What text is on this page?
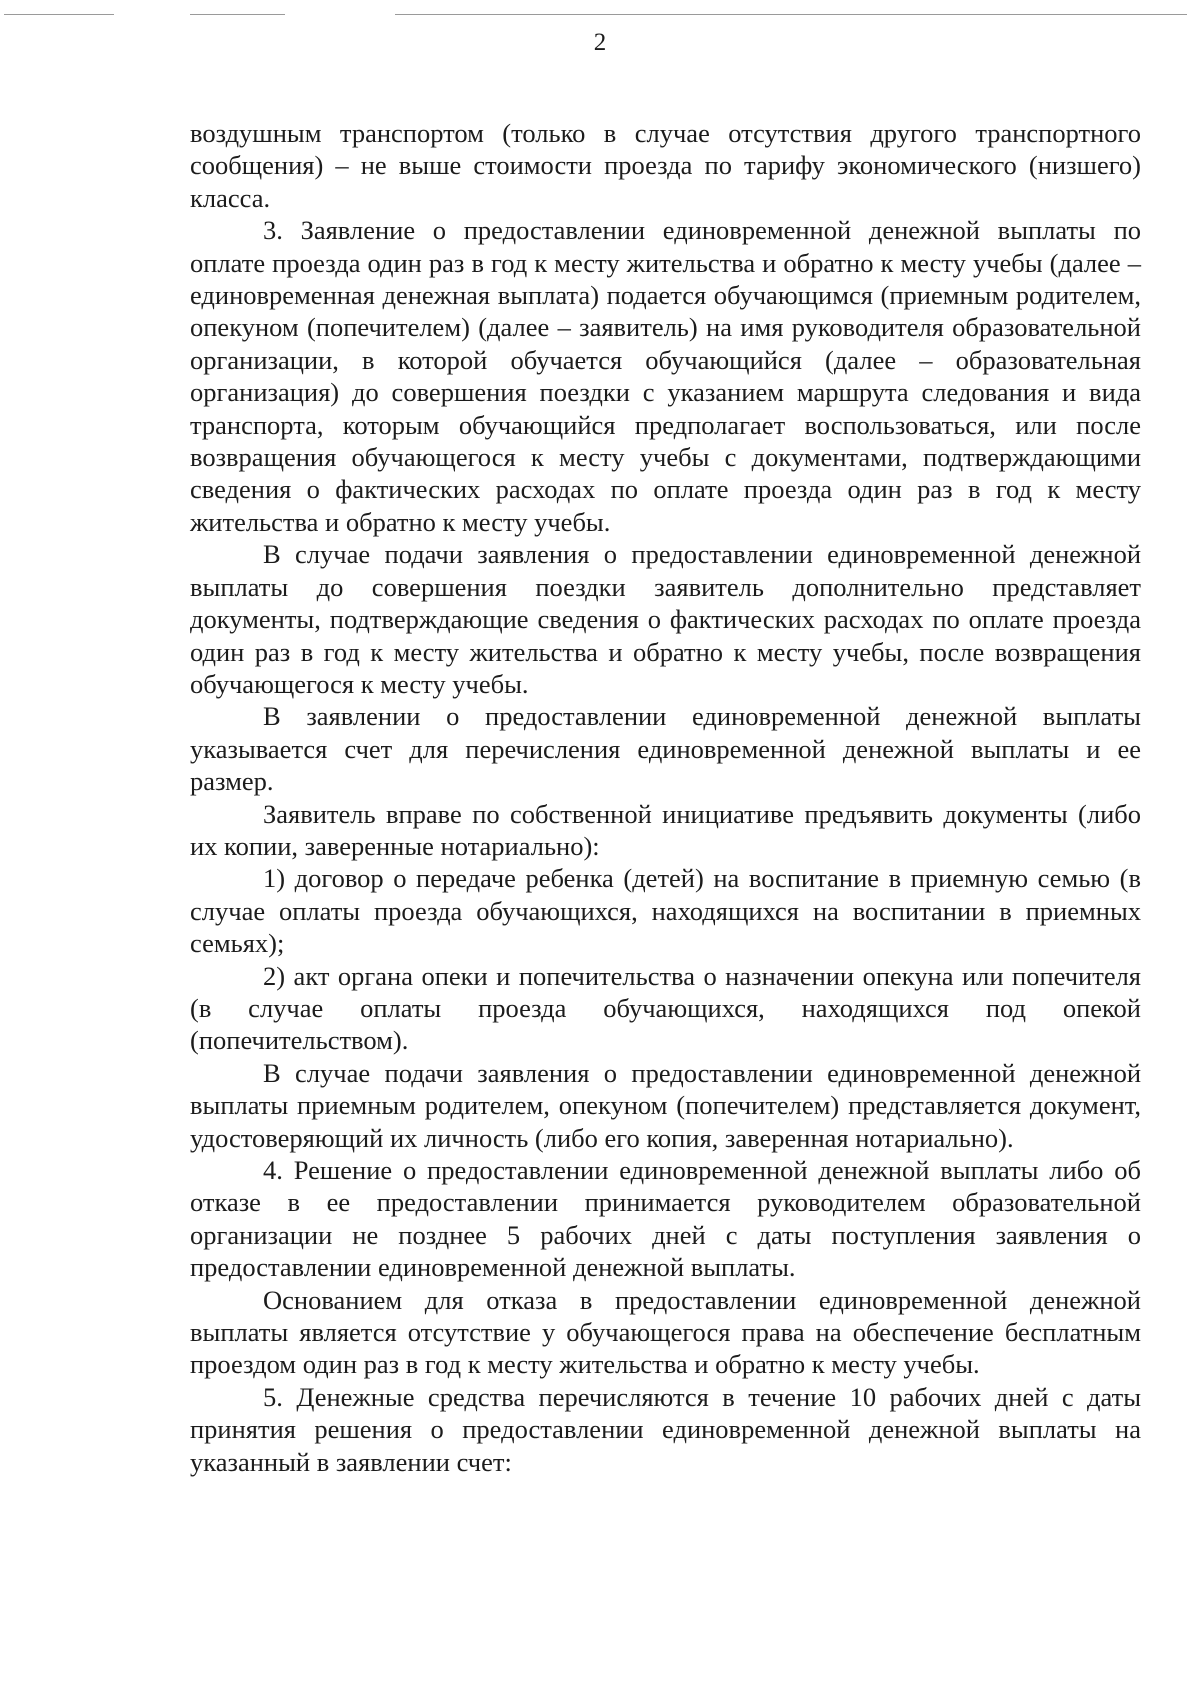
2

воздушным транспортом (только в случае отсутствия другого транспортного сообщения) – не выше стоимости проезда по тарифу экономического (низшего) класса.

3. Заявление о предоставлении единовременной денежной выплаты по оплате проезда один раз в год к месту жительства и обратно к месту учебы (далее – единовременная денежная выплата) подается обучающимся (приемным родителем, опекуном (попечителем) (далее – заявитель) на имя руководителя образовательной организации, в которой обучается обучающийся (далее – образовательная организация) до совершения поездки с указанием маршрута следования и вида транспорта, которым обучающийся предполагает воспользоваться, или после возвращения обучающегося к месту учебы с документами, подтверждающими сведения о фактических расходах по оплате проезда один раз в год к месту жительства и обратно к месту учебы.

В случае подачи заявления о предоставлении единовременной денежной выплаты до совершения поездки заявитель дополнительно представляет документы, подтверждающие сведения о фактических расходах по оплате проезда один раз в год к месту жительства и обратно к месту учебы, после возвращения обучающегося к месту учебы.

В заявлении о предоставлении единовременной денежной выплаты указывается счет для перечисления единовременной денежной выплаты и ее размер.

Заявитель вправе по собственной инициативе предъявить документы (либо их копии, заверенные нотариально):

1) договор о передаче ребенка (детей) на воспитание в приемную семью (в случае оплаты проезда обучающихся, находящихся на воспитании в приемных семьях);

2) акт органа опеки и попечительства о назначении опекуна или попечителя (в случае оплаты проезда обучающихся, находящихся под опекой (попечительством).

В случае подачи заявления о предоставлении единовременной денежной выплаты приемным родителем, опекуном (попечителем) представляется документ, удостоверяющий их личность (либо его копия, заверенная нотариально).

4. Решение о предоставлении единовременной денежной выплаты либо об отказе в ее предоставлении принимается руководителем образовательной организации не позднее 5 рабочих дней с даты поступления заявления о предоставлении единовременной денежной выплаты.

Основанием для отказа в предоставлении единовременной денежной выплаты является отсутствие у обучающегося права на обеспечение бесплатным проездом один раз в год к месту жительства и обратно к месту учебы.

5. Денежные средства перечисляются в течение 10 рабочих дней с даты принятия решения о предоставлении единовременной денежной выплаты на указанный в заявлении счет:
